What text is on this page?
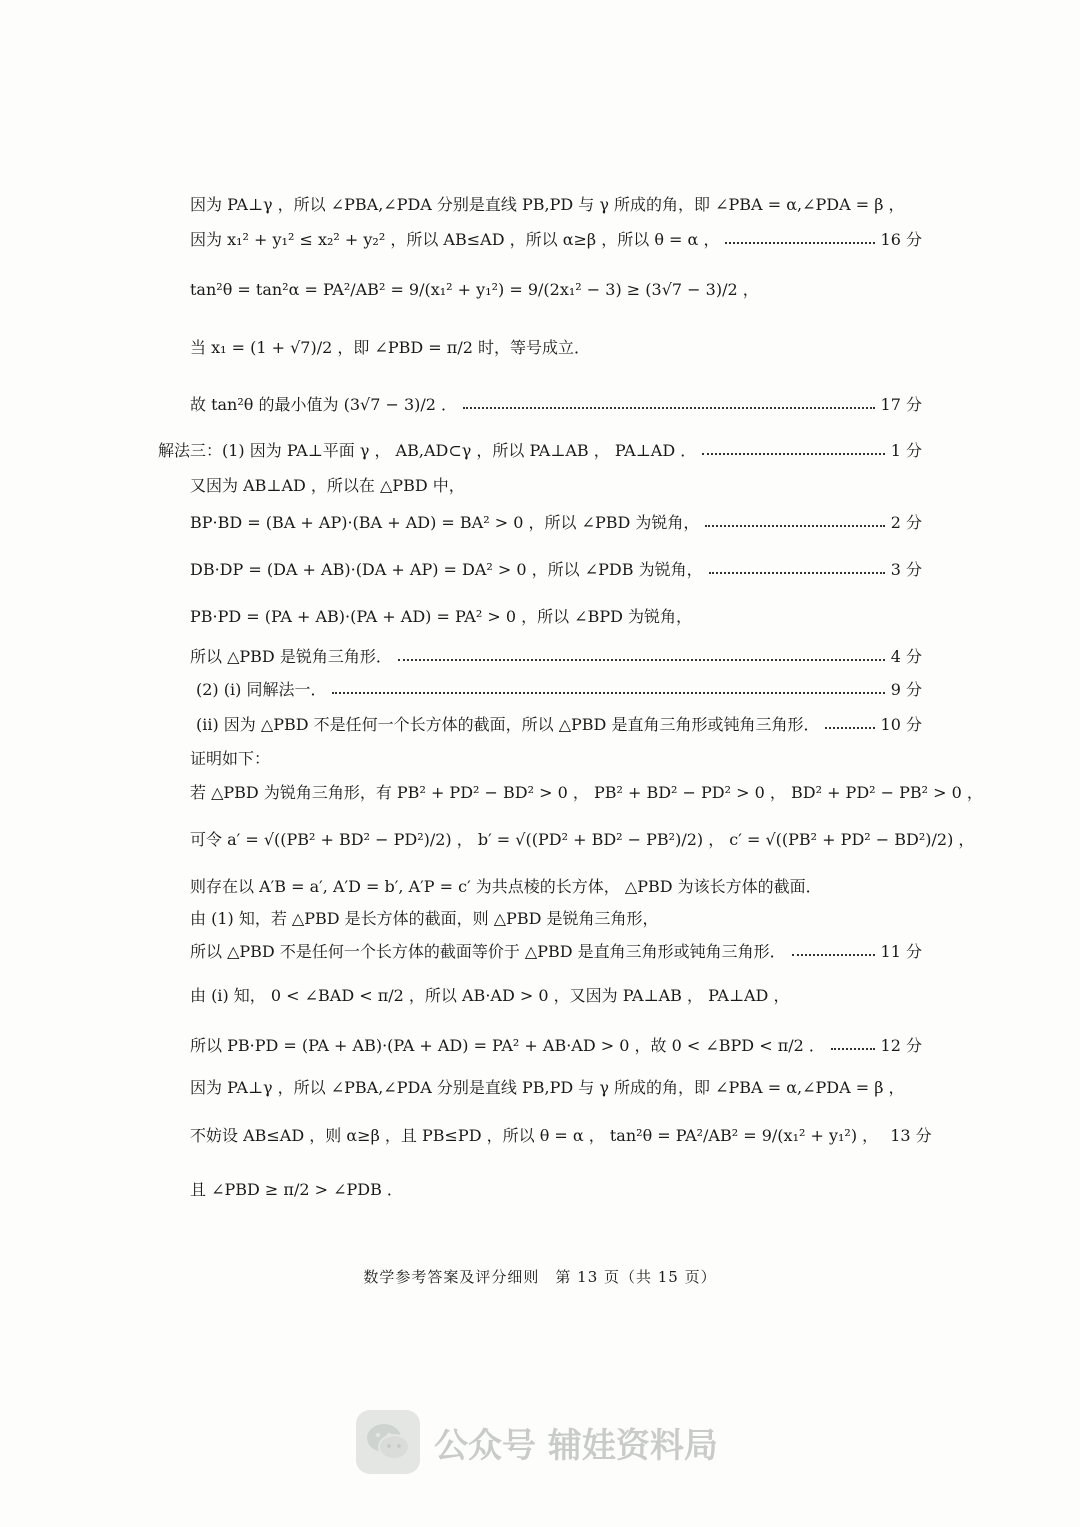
因为 PA⊥γ ，所以 ∠PBA,∠PDA 分别是直线 PB,PD 与 γ 所成的角，即 ∠PBA = α,∠PDA = β ，
因为 x₁² + y₁² ≤ x₂² + y₂² ，所以 AB≤AD ，所以 α≥β ，所以 θ = α ，	16 分
tan²θ = tan²α = PA²/AB² = 9/(x₁² + y₁²) = 9/(2x₁² − 3) ≥ (3√7 − 3)/2 ，
当 x₁ = (1 + √7)/2 ，即 ∠PBD = π/2 时，等号成立．
故 tan²θ 的最小值为 (3√7 − 3)/2 ．	17 分
解法三：(1) 因为 PA⊥平面 γ ， AB,AD⊂γ ，所以 PA⊥AB ， PA⊥AD ．	1 分
又因为 AB⊥AD ，所以在 △PBD 中，
BP·BD = (BA + AP)·(BA + AD) = BA² > 0 ，所以 ∠PBD 为锐角，	2 分
DB·DP = (DA + AB)·(DA + AP) = DA² > 0 ，所以 ∠PDB 为锐角，	3 分
PB·PD = (PA + AB)·(PA + AD) = PA² > 0 ，所以 ∠BPD 为锐角，
所以 △PBD 是锐角三角形．	4 分
(2) (i) 同解法一．	9 分
(ii) 因为 △PBD 不是任何一个长方体的截面，所以 △PBD 是直角三角形或钝角三角形．	10 分
证明如下：
若 △PBD 为锐角三角形，有 PB² + PD² − BD² > 0 ， PB² + BD² − PD² > 0 ， BD² + PD² − PB² > 0 ，
可令 a′ = √((PB² + BD² − PD²)/2) ， b′ = √((PD² + BD² − PB²)/2) ， c′ = √((PB² + PD² − BD²)/2) ，
则存在以 A′B = a′, A′D = b′, A′P = c′ 为共点棱的长方体， △PBD 为该长方体的截面．
由 (1) 知，若 △PBD 是长方体的截面，则 △PBD 是锐角三角形，
所以 △PBD 不是任何一个长方体的截面等价于 △PBD 是直角三角形或钝角三角形．	11 分
由 (i) 知， 0 < ∠BAD < π/2 ，所以 AB·AD > 0 ，又因为 PA⊥AB ， PA⊥AD ，
所以 PB·PD = (PA + AB)·(PA + AD) = PA² + AB·AD > 0 ，故 0 < ∠BPD < π/2 ．	12 分
因为 PA⊥γ ，所以 ∠PBA,∠PDA 分别是直线 PB,PD 与 γ 所成的角，即 ∠PBA = α,∠PDA = β ，
不妨设 AB≤AD ，则 α≥β ，且 PB≤PD ，所以 θ = α ， tan²θ = PA²/AB² = 9/(x₁² + y₁²) ， 13 分
且 ∠PBD ≥ π/2 > ∠PDB ．
数学参考答案及评分细则　第 13 页（共 15 页）
公众号 辅娃资料局
